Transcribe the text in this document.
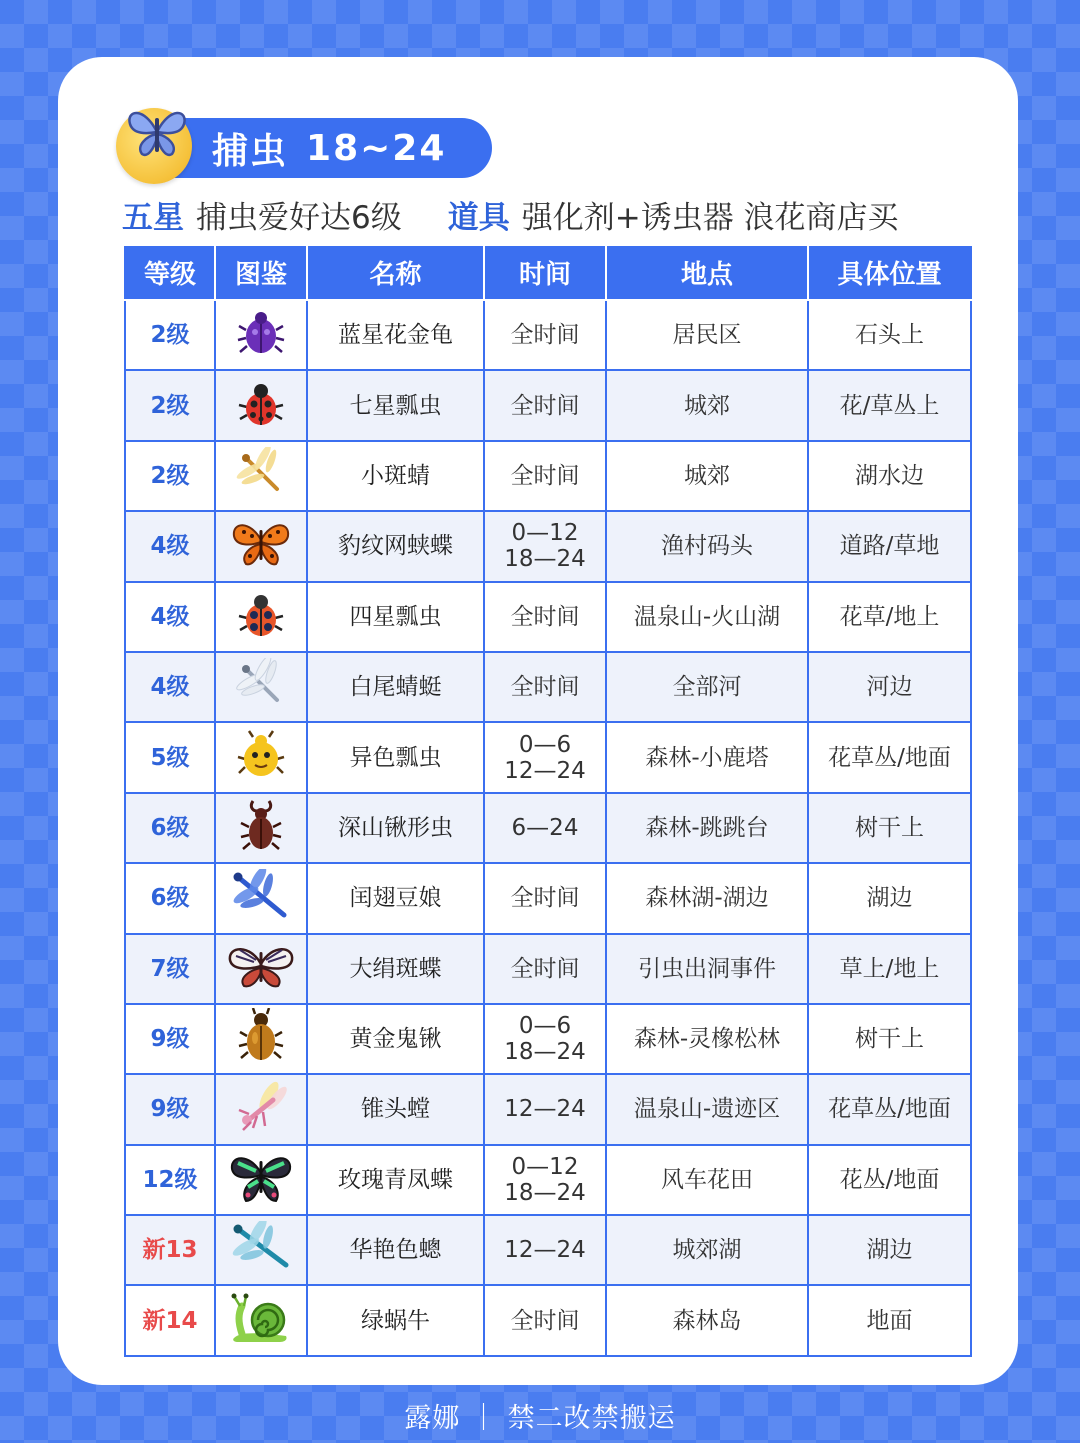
捕虫 18~24
五星 捕虫爱好达6级 道具 强化剂+诱虫器 浪花商店买
等级	图鉴	名称	时间	地点	具体位置
2级		蓝星花金龟	全时间	居民区	石头上
2级		七星瓢虫	全时间	城郊	花/草丛上
2级		小斑蜻	全时间	城郊	湖水边
4级		豹纹网蛱蝶	0—12
18—24	渔村码头	道路/草地
4级		四星瓢虫	全时间	温泉山-火山湖	花草/地上
4级		白尾蜻蜓	全时间	全部河	河边
5级		异色瓢虫	0—6
12—24	森林-小鹿塔	花草丛/地面
6级		深山锹形虫	6—24	森林-跳跳台	树干上
6级		闰翅豆娘	全时间	森林湖-湖边	湖边
7级		大绢斑蝶	全时间	引虫出洞事件	草上/地上
9级		黄金鬼锹	0—6
18—24	森林-灵橡松林	树干上
9级		锥头螳	12—24	温泉山-遗迹区	花草丛/地面
12级		玫瑰青凤蝶	0—12
18—24	风车花田	花丛/地面
新13		华艳色蟌	12—24	城郊湖	湖边
新14		绿蜗牛	全时间	森林岛	地面
露娜 ｜ 禁二改禁搬运
